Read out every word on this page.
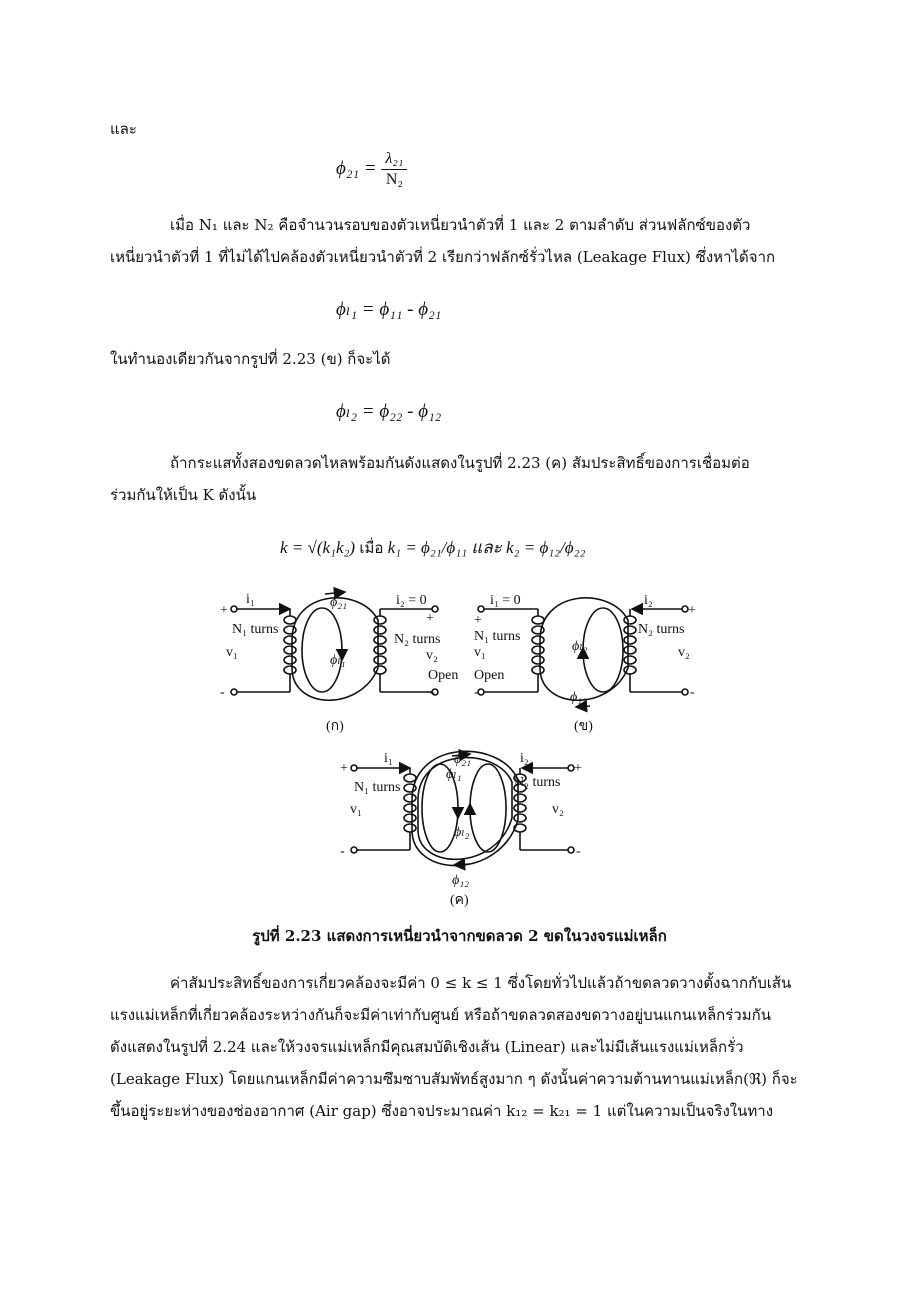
และ
$\phi_{21} = \frac{\text{λ₂₁}}{\text{N₂}}$
เมื่อ N₁ และ N₂ คือจำนวนรอบของตัวเหนี่ยวนำตัวที่ 1 และ 2 ตามลำดับ ส่วนฟลักซ์ของตัว
เหนี่ยวนำตัวที่ 1 ที่ไม่ได้ไปคล้องตัวเหนี่ยวนำตัวที่ 2 เรียกว่าฟลักซ์รั่วไหล (Leakage Flux) ซึ่งหาได้จาก
ϕₗ₁ = ϕ₁₁ - ϕ₂₁
ในทำนองเดียวกันจากรูปที่ 2.23 (ข) ก็จะได้
ϕₗ₂ = ϕ₂₂ - ϕ₁₂
ถ้ากระแสทั้งสองขดลวดไหลพร้อมกันดังแสดงในรูปที่ 2.23 (ค) สัมประสิทธิ์ของการเชื่อมต่อ
ร่วมกันให้เป็น K ดังนั้น
k = √(k₁k₂) เมื่อ k₁ = ϕ₂₁/ϕ₁₁ และ k₂ = ϕ₁₂/ϕ₂₂
+
i₁
N₁ turns
v₁
-
ϕ₂₁
ϕₗ₁
i₂ = 0
+
N₂ turns
v₂
Open
-
(ก)
i₁ = 0
+
N₁ turns
v₁
Open
-
ϕₗ₂
ϕ₁₂
i₂
+
N₂ turns
v₂
-
(ข)
+
i₁
N₁ turns
v₁
-
ϕ₂₁
ϕₗ₁
ϕₗ₂
ϕ₁₂
i₂
+
N₂ turns
v₂
-
(ค)
รูปที่ 2.23 แสดงการเหนี่ยวนำจากขดลวด 2 ขดในวงจรแม่เหล็ก
ค่าสัมประสิทธิ์ของการเกี่ยวคล้องจะมีค่า 0 ≤ k ≤ 1 ซึ่งโดยทั่วไปแล้วถ้าขดลวดวางตั้งฉากกับเส้น
แรงแม่เหล็กที่เกี่ยวคล้องระหว่างกันก็จะมีค่าเท่ากับศูนย์ หรือถ้าขดลวดสองขดวางอยู่บนแกนเหล็กร่วมกัน
ดังแสดงในรูปที่ 2.24 และให้วงจรแม่เหล็กมีคุณสมบัติเชิงเส้น (Linear) และไม่มีเส้นแรงแม่เหล็กรั่ว
(Leakage Flux) โดยแกนเหล็กมีค่าความซึมซาบสัมพัทธ์สูงมาก ๆ ดังนั้นค่าความต้านทานแม่เหล็ก(ℜ) ก็จะ
ขึ้นอยู่ระยะห่างของช่องอากาศ (Air gap) ซึ่งอาจประมาณค่า k₁₂ = k₂₁ = 1 แต่ในความเป็นจริงในทาง
